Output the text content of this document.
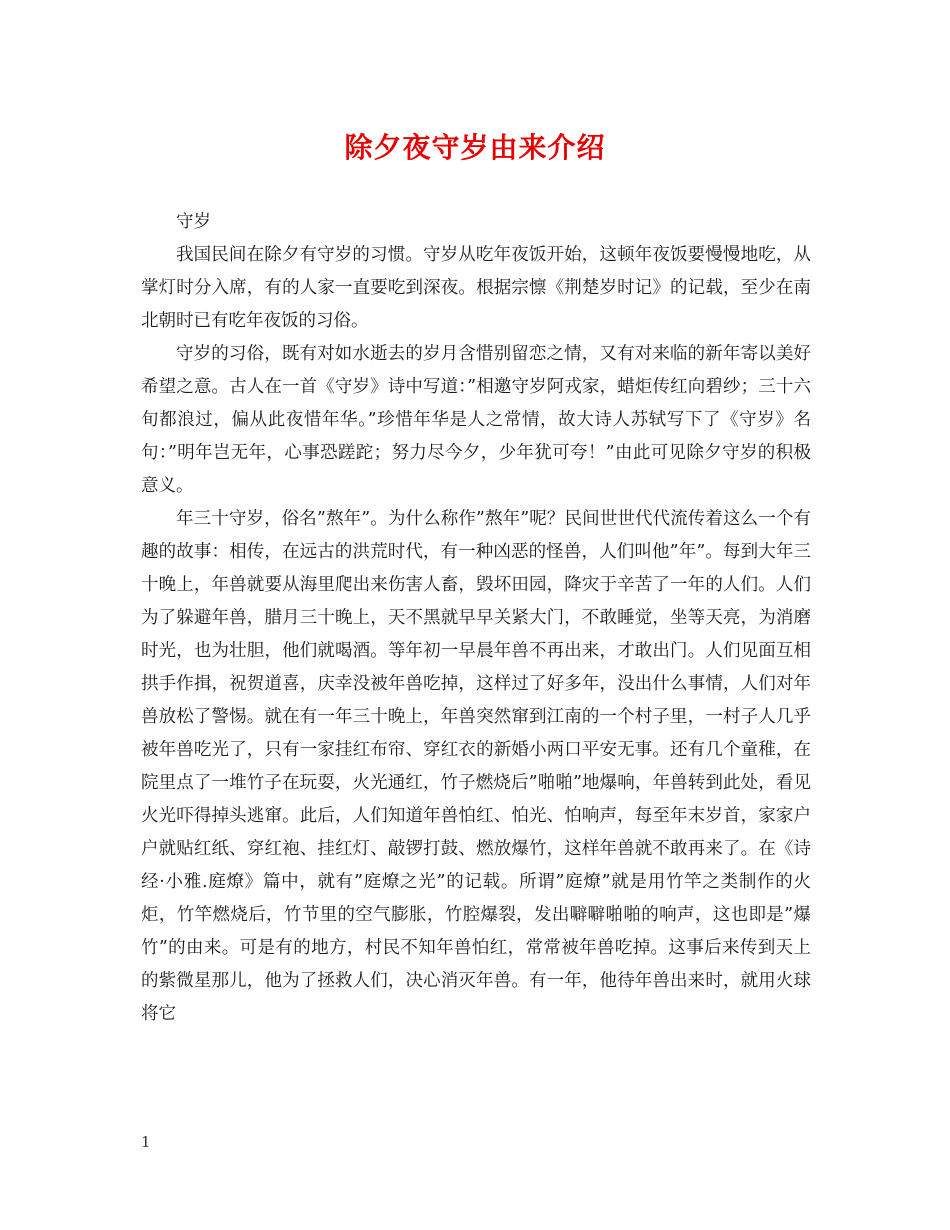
除夕夜守岁由来介绍

守岁

我国民间在除夕有守岁的习惯。守岁从吃年夜饭开始，这顿年夜饭要慢慢地吃，从掌灯时分入席，有的人家一直要吃到深夜。根据宗懔《荆楚岁时记》的记载，至少在南北朝时已有吃年夜饭的习俗。

守岁的习俗，既有对如水逝去的岁月含惜别留恋之情，又有对来临的新年寄以美好希望之意。古人在一首《守岁》诗中写道：”相邀守岁阿戎家，蜡炬传红向碧纱；三十六旬都浪过，偏从此夜惜年华。”珍惜年华是人之常情，故大诗人苏轼写下了《守岁》名句：”明年岂无年，心事恐蹉跎；努力尽今夕，少年犹可夸！”由此可见除夕守岁的积极意义。

年三十守岁，俗名”熬年”。为什么称作”熬年”呢？民间世世代代流传着这么一个有趣的故事：相传，在远古的洪荒时代，有一种凶恶的怪兽，人们叫他”年”。每到大年三十晚上，年兽就要从海里爬出来伤害人畜，毁坏田园，降灾于辛苦了一年的人们。人们为了躲避年兽，腊月三十晚上，天不黑就早早关紧大门，不敢睡觉，坐等天亮，为消磨时光，也为壮胆，他们就喝酒。等年初一早晨年兽不再出来，才敢出门。人们见面互相拱手作揖，祝贺道喜，庆幸没被年兽吃掉，这样过了好多年，没出什么事情，人们对年兽放松了警惕。就在有一年三十晚上，年兽突然窜到江南的一个村子里，一村子人几乎被年兽吃光了，只有一家挂红布帘、穿红衣的新婚小两口平安无事。还有几个童稚，在院里点了一堆竹子在玩耍，火光通红，竹子燃烧后”啪啪”地爆响，年兽转到此处，看见火光吓得掉头逃窜。此后，人们知道年兽怕红、怕光、怕响声，每至年末岁首，家家户户就贴红纸、穿红袍、挂红灯、敲锣打鼓、燃放爆竹，这样年兽就不敢再来了。在《诗经·小雅.庭燎》篇中，就有”庭燎之光”的记载。所谓”庭燎”就是用竹竿之类制作的火炬，竹竿燃烧后，竹节里的空气膨胀，竹腔爆裂，发出噼噼啪啪的响声，这也即是”爆竹”的由来。可是有的地方，村民不知年兽怕红，常常被年兽吃掉。这事后来传到天上的紫微星那儿，他为了拯救人们，决心消灭年兽。有一年，他待年兽出来时，就用火球将它

1
